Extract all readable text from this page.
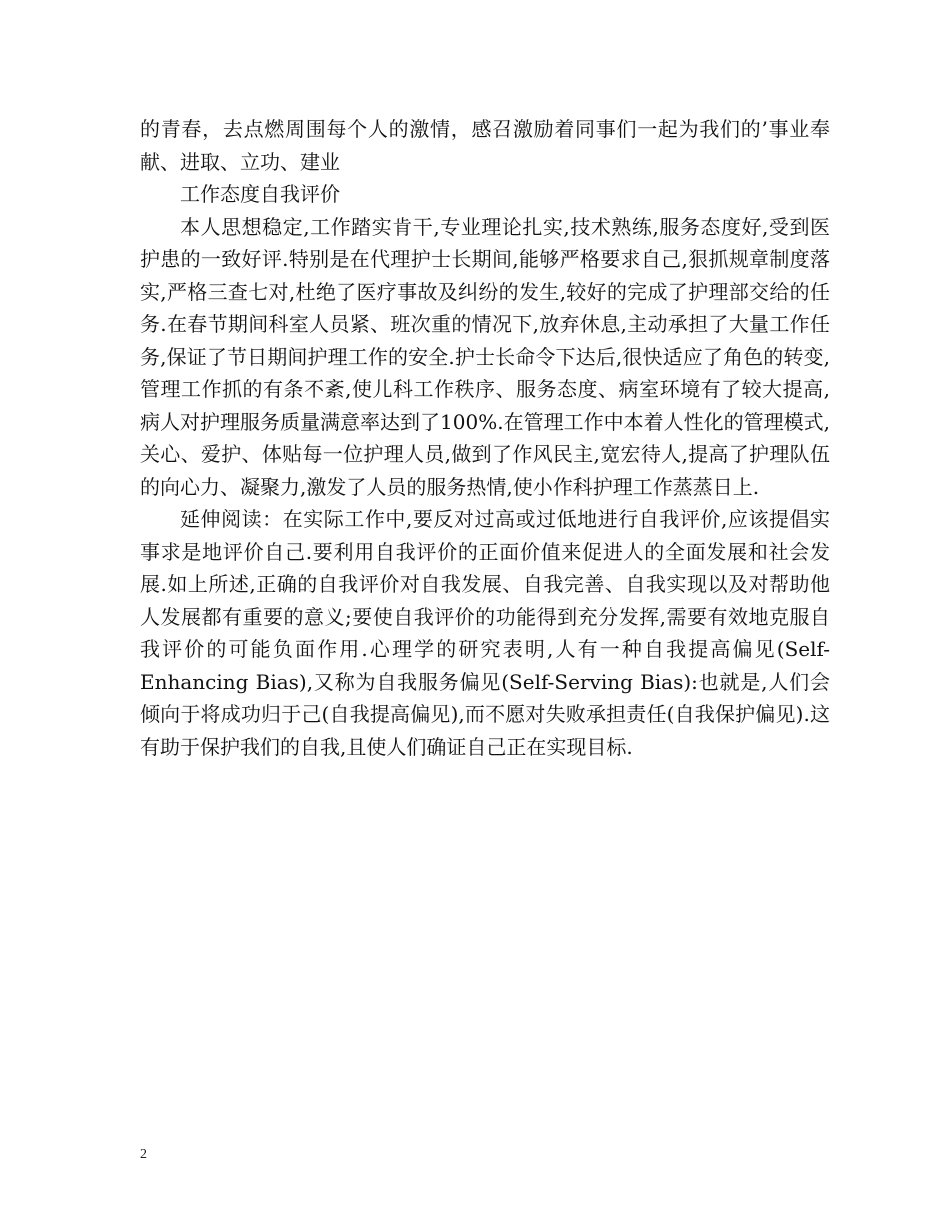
的青春，去点燃周围每个人的激情，感召激励着同事们一起为我们的’事业奉献、进取、立功、建业

工作态度自我评价

本人思想稳定,工作踏实肯干,专业理论扎实,技术熟练,服务态度好,受到医护患的一致好评.特别是在代理护士长期间,能够严格要求自己,狠抓规章制度落实,严格三查七对,杜绝了医疗事故及纠纷的发生,较好的完成了护理部交给的任务.在春节期间科室人员紧、班次重的情况下,放弃休息,主动承担了大量工作任务,保证了节日期间护理工作的安全.护士长命令下达后,很快适应了角色的转变,管理工作抓的有条不紊,使儿科工作秩序、服务态度、病室环境有了较大提高,病人对护理服务质量满意率达到了100%.在管理工作中本着人性化的管理模式,关心、爱护、体贴每一位护理人员,做到了作风民主,宽宏待人,提高了护理队伍的向心力、凝聚力,激发了人员的服务热情,使小作科护理工作蒸蒸日上.

延伸阅读：在实际工作中,要反对过高或过低地进行自我评价,应该提倡实事求是地评价自己.要利用自我评价的正面价值来促进人的全面发展和社会发展.如上所述,正确的自我评价对自我发展、自我完善、自我实现以及对帮助他人发展都有重要的意义;要使自我评价的功能得到充分发挥,需要有效地克服自我评价的可能负面作用.心理学的研究表明,人有一种自我提高偏见(Self- Enhancing Bias),又称为自我服务偏见(Self-Serving Bias):也就是,人们会倾向于将成功归于己(自我提高偏见),而不愿对失败承担责任(自我保护偏见).这有助于保护我们的自我,且使人们确证自己正在实现目标.

2
